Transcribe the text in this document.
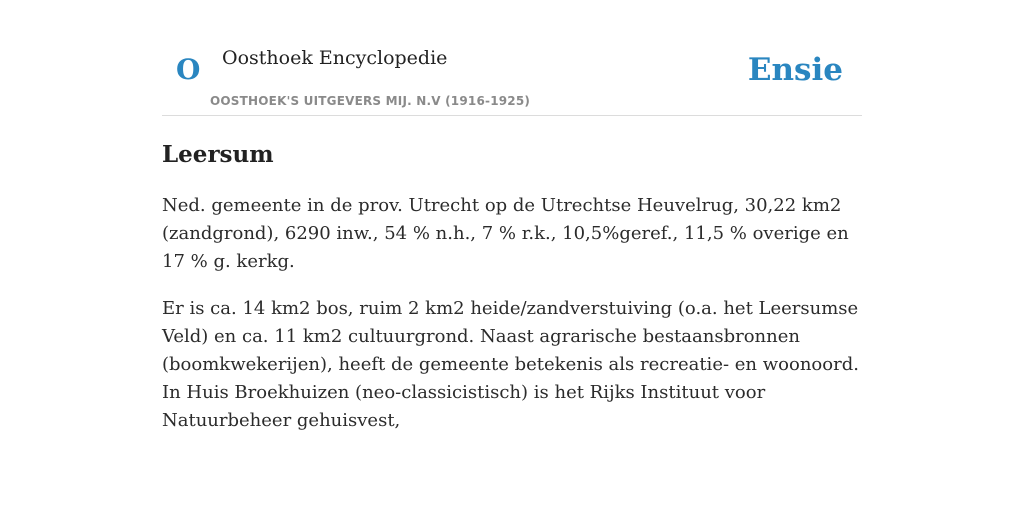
O Oosthoek Encyclopedie
OOSTHOEK'S UITGEVERS MIJ. N.V (1916-1925)
Ensie
Leersum

Ned. gemeente in de prov. Utrecht op de Utrechtse Heuvelrug, 30,22 km2 (zandgrond), 6290 inw., 54 % n.h., 7 % r.k., 10,5%geref., 11,5 % overige en 17 % g. kerkg.

Er is ca. 14 km2 bos, ruim 2 km2 heide/zandverstuiving (o.a. het Leersumse Veld) en ca. 11 km2 cultuurgrond. Naast agrarische bestaansbronnen (boomkwekerijen), heeft de gemeente betekenis als recreatie- en woonoord. In Huis Broekhuizen (neo-classicistisch) is het Rijks Instituut voor Natuurbeheer gehuisvest,
